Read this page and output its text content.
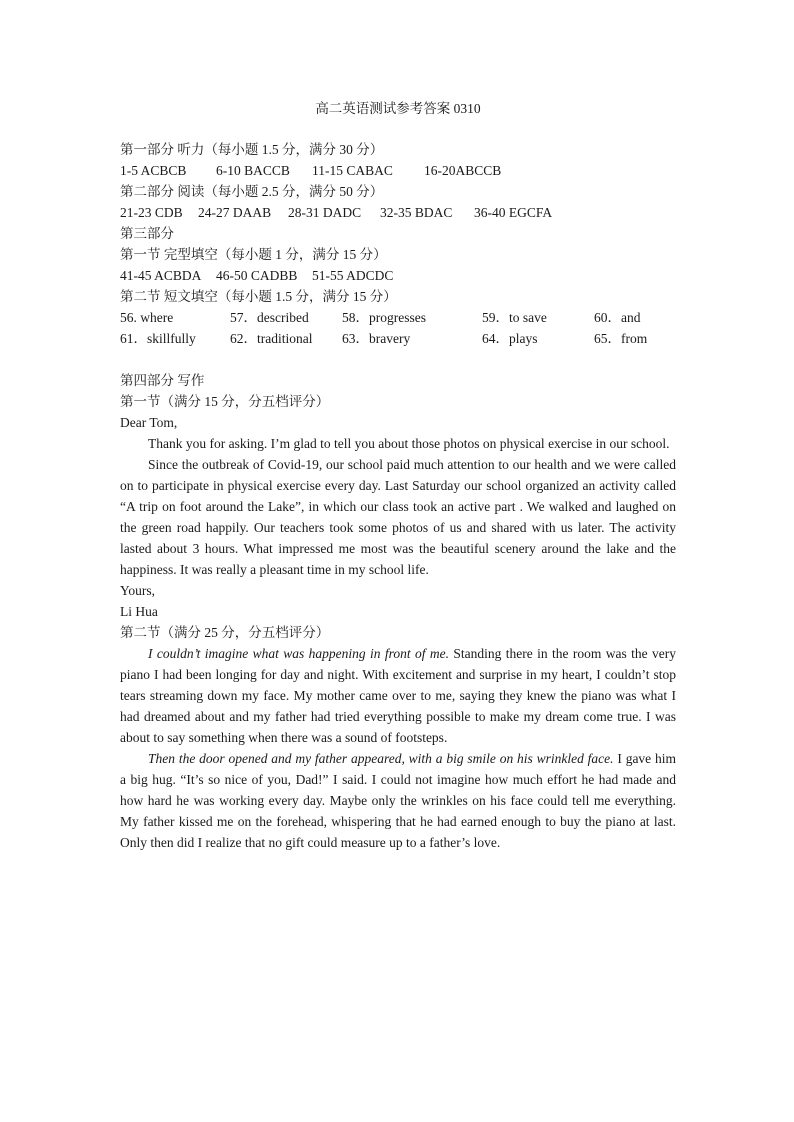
高二英语测试参考答案 0310
第一部分 听力（每小题 1.5 分，满分 30 分）
1-5 ACBCB 6-10 BACCB 11-15 CABAC 16-20ABCCB
第二部分 阅读（每小题 2.5 分，满分 50 分）
21-23 CDB 24-27 DAAB 28-31 DADC 32-35 BDAC 36-40 EGCFA
第三部分
第一节 完型填空（每小题 1 分，满分 15 分）
41-45 ACBDA 46-50 CADBB 51-55 ADCDC
第二节 短文填空（每小题 1.5 分，满分 15 分）
56. where	57．described	58．progresses	59．to save	60．and
61．skillfully	62．traditional	63．bravery	64．plays	65．from
第四部分 写作
第一节（满分 15 分，分五档评分）
Dear Tom,

Thank you for asking. I’m glad to tell you about those photos on physical exercise in our school.

Since the outbreak of Covid-19, our school paid much attention to our health and we were called on to participate in physical exercise every day. Last Saturday our school organized an activity called “A trip on foot around the Lake”, in which our class took an active part . We walked and laughed on the green road happily. Our teachers took some photos of us and shared with us later. The activity lasted about 3 hours. What impressed me most was the beautiful scenery around the lake and the happiness. It was really a pleasant time in my school life.

Yours,
Li Hua
第二节（满分 25 分，分五档评分）

I couldn’t imagine what was happening in front of me. Standing there in the room was the very piano I had been longing for day and night. With excitement and surprise in my heart, I couldn’t stop tears streaming down my face. My mother came over to me, saying they knew the piano was what I had dreamed about and my father had tried everything possible to make my dream come true. I was about to say something when there was a sound of footsteps.

Then the door opened and my father appeared, with a big smile on his wrinkled face. I gave him a big hug. “It’s so nice of you, Dad!” I said. I could not imagine how much effort he had made and how hard he was working every day. Maybe only the wrinkles on his face could tell me everything. My father kissed me on the forehead, whispering that he had earned enough to buy the piano at last. Only then did I realize that no gift could measure up to a father’s love.
